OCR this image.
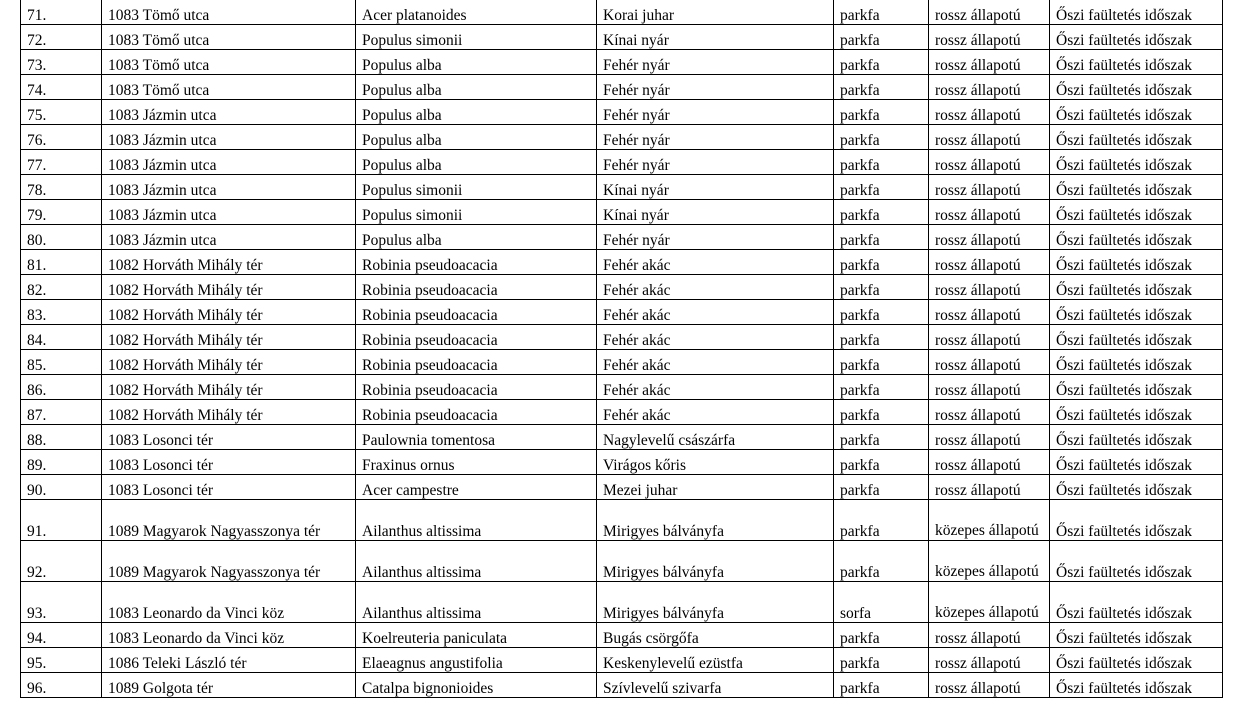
71.	1083 Tömő utca	Acer platanoides	Korai juhar	parkfa	rossz állapotú	Őszi faültetés időszak
72.	1083 Tömő utca	Populus simonii	Kínai nyár	parkfa	rossz állapotú	Őszi faültetés időszak
73.	1083 Tömő utca	Populus alba	Fehér nyár	parkfa	rossz állapotú	Őszi faültetés időszak
74.	1083 Tömő utca	Populus alba	Fehér nyár	parkfa	rossz állapotú	Őszi faültetés időszak
75.	1083 Jázmin utca	Populus alba	Fehér nyár	parkfa	rossz állapotú	Őszi faültetés időszak
76.	1083 Jázmin utca	Populus alba	Fehér nyár	parkfa	rossz állapotú	Őszi faültetés időszak
77.	1083 Jázmin utca	Populus alba	Fehér nyár	parkfa	rossz állapotú	Őszi faültetés időszak
78.	1083 Jázmin utca	Populus simonii	Kínai nyár	parkfa	rossz állapotú	Őszi faültetés időszak
79.	1083 Jázmin utca	Populus simonii	Kínai nyár	parkfa	rossz állapotú	Őszi faültetés időszak
80.	1083 Jázmin utca	Populus alba	Fehér nyár	parkfa	rossz állapotú	Őszi faültetés időszak
81.	1082 Horváth Mihály tér	Robinia pseudoacacia	Fehér akác	parkfa	rossz állapotú	Őszi faültetés időszak
82.	1082 Horváth Mihály tér	Robinia pseudoacacia	Fehér akác	parkfa	rossz állapotú	Őszi faültetés időszak
83.	1082 Horváth Mihály tér	Robinia pseudoacacia	Fehér akác	parkfa	rossz állapotú	Őszi faültetés időszak
84.	1082 Horváth Mihály tér	Robinia pseudoacacia	Fehér akác	parkfa	rossz állapotú	Őszi faültetés időszak
85.	1082 Horváth Mihály tér	Robinia pseudoacacia	Fehér akác	parkfa	rossz állapotú	Őszi faültetés időszak
86.	1082 Horváth Mihály tér	Robinia pseudoacacia	Fehér akác	parkfa	rossz állapotú	Őszi faültetés időszak
87.	1082 Horváth Mihály tér	Robinia pseudoacacia	Fehér akác	parkfa	rossz állapotú	Őszi faültetés időszak
88.	1083 Losonci tér	Paulownia tomentosa	Nagylevelű császárfa	parkfa	rossz állapotú	Őszi faültetés időszak
89.	1083 Losonci tér	Fraxinus ornus	Virágos kőris	parkfa	rossz állapotú	Őszi faültetés időszak
90.	1083 Losonci tér	Acer campestre	Mezei juhar	parkfa	rossz állapotú	Őszi faültetés időszak
91.	1089 Magyarok Nagyasszonya tér	Ailanthus altissima	Mirigyes bálványfa	parkfa	közepes állapotú	Őszi faültetés időszak
92.	1089 Magyarok Nagyasszonya tér	Ailanthus altissima	Mirigyes bálványfa	parkfa	közepes állapotú	Őszi faültetés időszak
93.	1083 Leonardo da Vinci köz	Ailanthus altissima	Mirigyes bálványfa	sorfa	közepes állapotú	Őszi faültetés időszak
94.	1083 Leonardo da Vinci köz	Koelreuteria paniculata	Bugás csörgőfa	parkfa	rossz állapotú	Őszi faültetés időszak
95.	1086 Teleki László tér	Elaeagnus angustifolia	Keskenylevelű ezüstfa	parkfa	rossz állapotú	Őszi faültetés időszak
96.	1089 Golgota tér	Catalpa bignonioides	Szívlevelű szivarfa	parkfa	rossz állapotú	Őszi faültetés időszak
